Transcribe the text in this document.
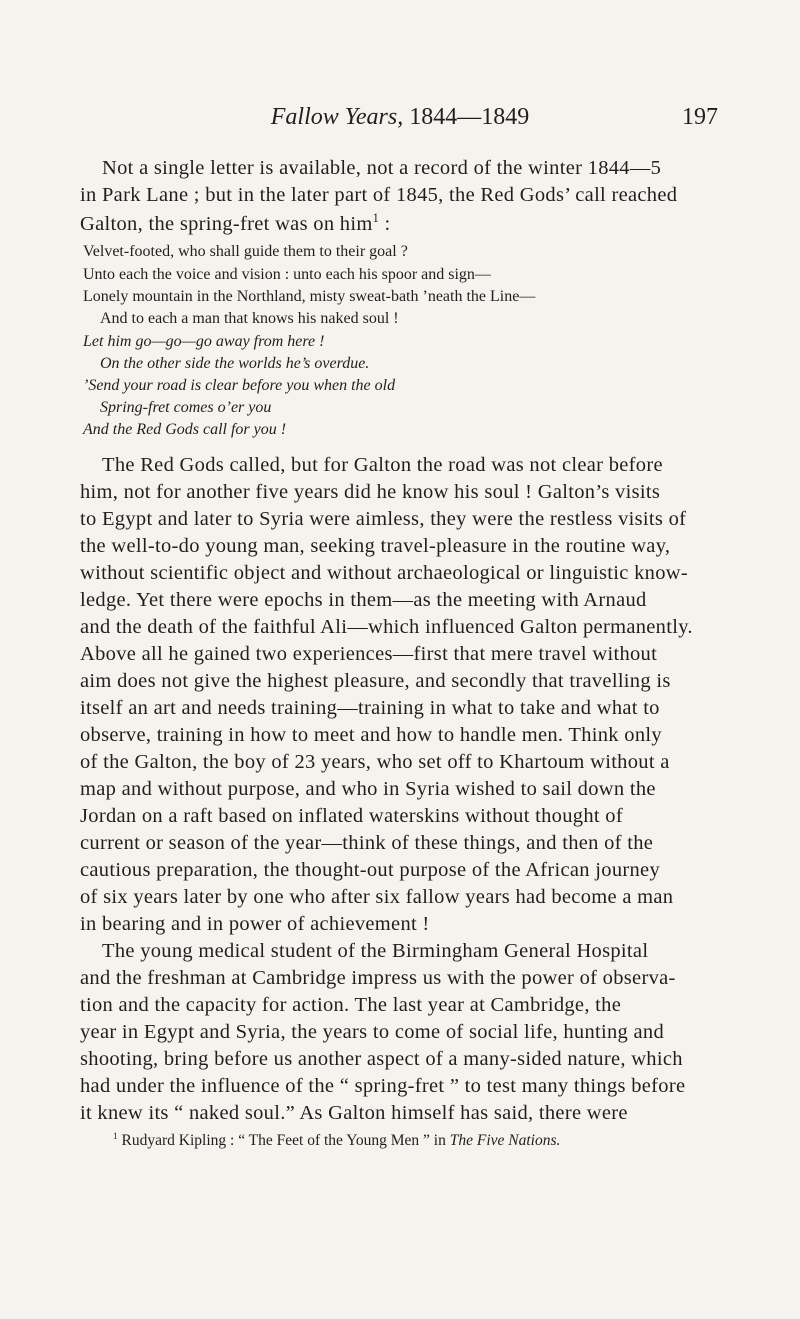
Fallow Years, 1844—1849	197
Not a single letter is available, not a record of the winter 1844—5
in Park Lane ; but in the later part of 1845, the Red Gods’ call reached
Galton, the spring-fret was on him$^1$ :
Velvet-footed, who shall guide them to their goal ?
Unto each the voice and vision : unto each his spoor and sign—
Lonely mountain in the Northland, misty sweat-bath ’neath the Line—
And to each a man that knows his naked soul !
Let him go—go—go away from here !
On the other side the worlds he’s overdue.
’Send your road is clear before you when the old
Spring-fret comes o’er you
And the Red Gods call for you !
The Red Gods called, but for Galton the road was not clear before
him, not for another five years did he know his soul ! Galton’s visits
to Egypt and later to Syria were aimless, they were the restless visits of
the well-to-do young man, seeking travel-pleasure in the routine way,
without scientific object and without archaeological or linguistic know-
ledge. Yet there were epochs in them—as the meeting with Arnaud
and the death of the faithful Ali—which influenced Galton permanently.
Above all he gained two experiences—first that mere travel without
aim does not give the highest pleasure, and secondly that travelling is
itself an art and needs training—training in what to take and what to
observe, training in how to meet and how to handle men. Think only
of the Galton, the boy of 23 years, who set off to Khartoum without a
map and without purpose, and who in Syria wished to sail down the
Jordan on a raft based on inflated waterskins without thought of
current or season of the year—think of these things, and then of the
cautious preparation, the thought-out purpose of the African journey
of six years later by one who after six fallow years had become a man
in bearing and in power of achievement !
The young medical student of the Birmingham General Hospital
and the freshman at Cambridge impress us with the power of observa-
tion and the capacity for action. The last year at Cambridge, the
year in Egypt and Syria, the years to come of social life, hunting and
shooting, bring before us another aspect of a many-sided nature, which
had under the influence of the “ spring-fret ” to test many things before
it knew its “ naked soul.” As Galton himself has said, there were
$^1$ Rudyard Kipling : “ The Feet of the Young Men ” in The Five Nations.
